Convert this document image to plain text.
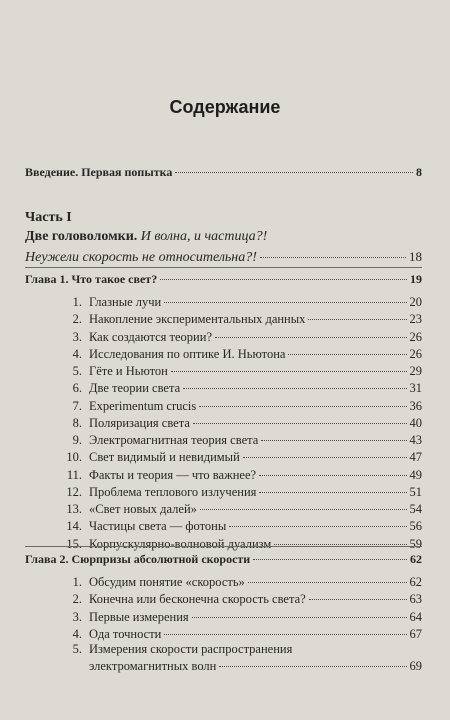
Содержание
Введение. Первая попытка	8
Часть I
Две головоломки. И волна, и частица?!
Неужели скорость не относительна?!	18
Глава 1. Что такое свет?	19
1. Глазные лучи	20
2. Накопление экспериментальных данных	23
3. Как создаются теории?	26
4. Исследования по оптике И. Ньютона	26
5. Гёте и Ньютон	29
6. Две теории света	31
7. Experimentum crucis	36
8. Поляризация света	40
9. Электромагнитная теория света	43
10. Свет видимый и невидимый	47
11. Факты и теория — что важнее?	49
12. Проблема теплового излучения	51
13. «Свет новых далей»	54
14. Частицы света — фотоны	56
15. Корпускулярно-волновой дуализм	59
Глава 2. Сюрпризы абсолютной скорости	62
1. Обсудим понятие «скорость»	62
2. Конечна или бесконечна скорость света?	63
3. Первые измерения	64
4. Ода точности	67
5. Измерения скорости распространения
электромагнитных волн	69
